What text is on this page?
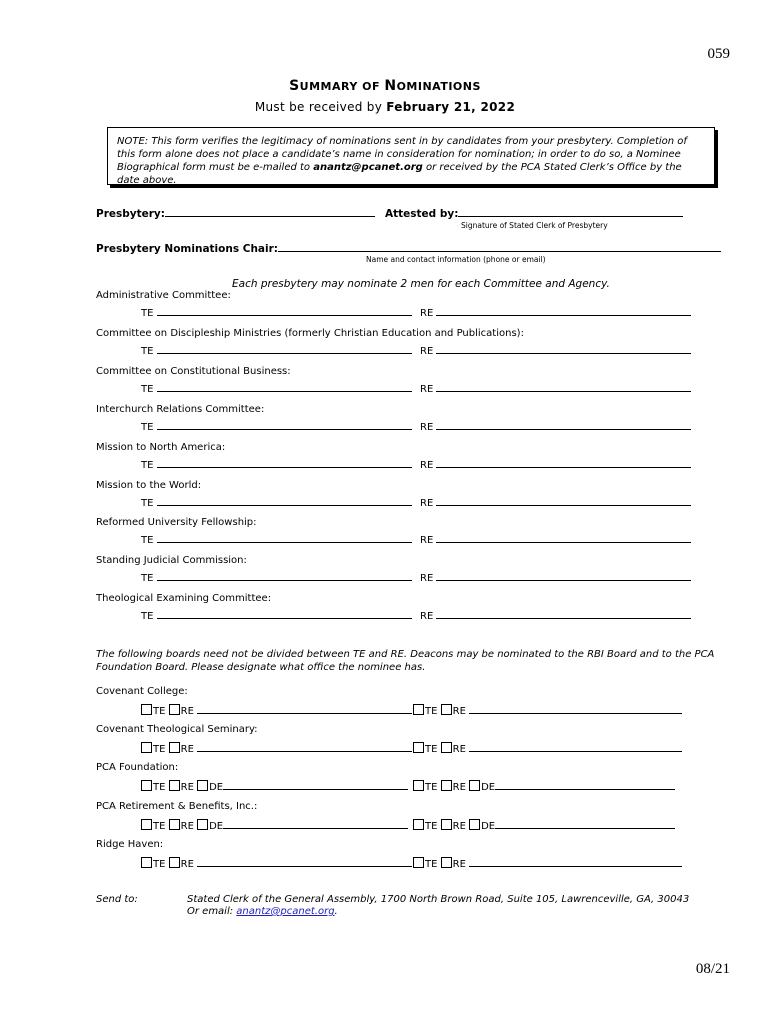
059
SUMMARY OF NOMINATIONS
Must be received by February 21, 2022
NOTE: This form verifies the legitimacy of nominations sent in by candidates from your presbytery. Completion of this form alone does not place a candidate’s name in consideration for nomination; in order to do so, a Nominee Biographical form must be e-mailed to anantz@pcanet.org or received by the PCA Stated Clerk’s Office by the date above.
Presbytery:	Attested by:
Signature of Stated Clerk of Presbytery
Presbytery Nominations Chair:
Name and contact information (phone or email)
Each presbytery may nominate 2 men for each Committee and Agency.
Administrative Committee:
TE	RE
Committee on Discipleship Ministries (formerly Christian Education and Publications):
TE	RE
Committee on Constitutional Business:
TE	RE
Interchurch Relations Committee:
TE	RE
Mission to North America:
TE	RE
Mission to the World:
TE	RE
Reformed University Fellowship:
TE	RE
Standing Judicial Commission:
TE	RE
Theological Examining Committee:
TE	RE
The following boards need not be divided between TE and RE. Deacons may be nominated to the RBI Board and to the PCA Foundation Board. Please designate what office the nominee has.
Covenant College:
TE RE	TE RE
Covenant Theological Seminary:
TE RE	TE RE
PCA Foundation:
TE RE DE	TE RE DE
PCA Retirement & Benefits, Inc.:
TE RE DE	TE RE DE
Ridge Haven:
TE RE	TE RE
Send to:	Stated Clerk of the General Assembly, 1700 North Brown Road, Suite 105, Lawrenceville, GA, 30043
Or email: anantz@pcanet.org.
08/21
